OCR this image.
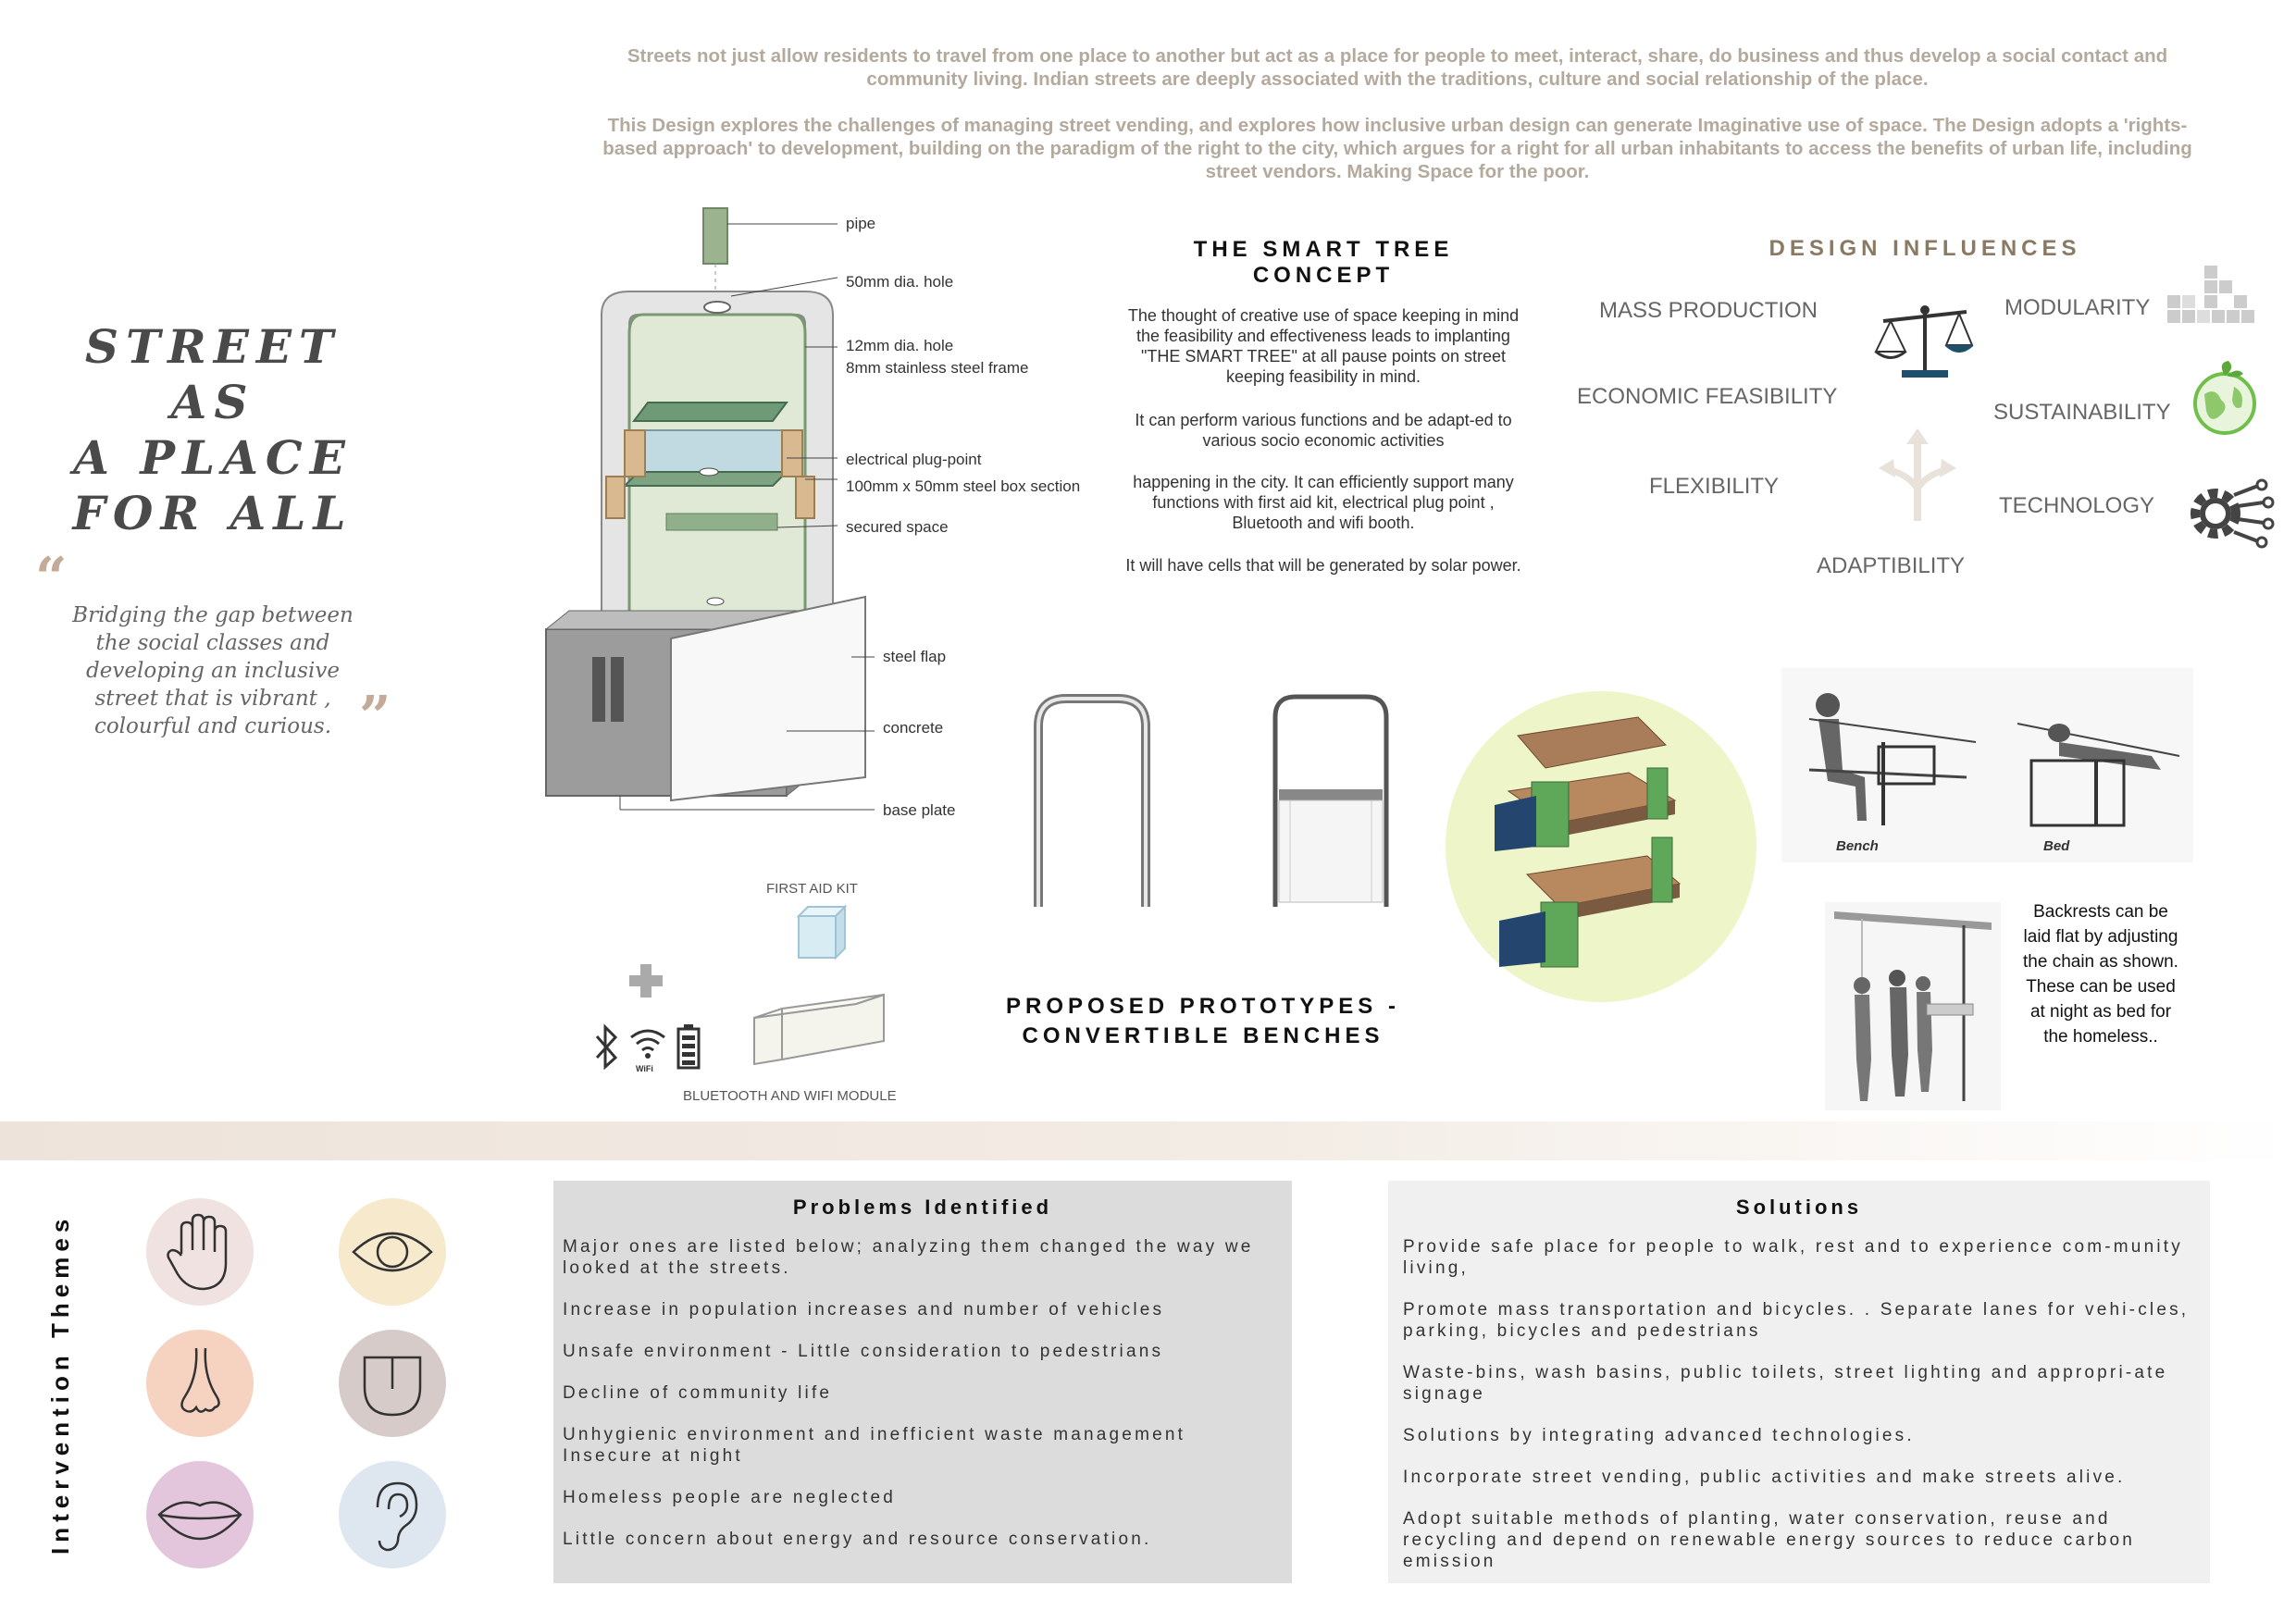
Streets not just allow residents to travel from one place to another but act as a place for people to meet, interact, share, do business and thus develop a social contact and community living. Indian streets are deeply associated with the traditions, culture and social relationship of the place.
This Design explores the challenges of managing street vending, and explores how inclusive urban design can generate Imaginative use of space. The Design adopts a 'rights-based approach' to development, building on the paradigm of the right to the city, which argues for a right for all urban inhabitants to access the benefits of urban life, including street vendors. Making Space for the poor.
STREET AS
A PLACE
FOR ALL
“
Bridging the gap between the social classes and developing an inclusive street that is vibrant , colourful and curious. ”
pipe
50mm dia. hole
12mm dia. hole
8mm stainless steel frame
electrical plug-point
100mm x 50mm steel box section
secured space
steel flap
concrete
base plate
FIRST AID KIT
WiFi
BLUETOOTH AND WIFI MODULE
THE SMART TREE CONCEPT
The thought of creative use of space keeping in mind the feasibility and effectiveness leads to implanting "THE SMART TREE" at all pause points on street keeping feasibility in mind.
It can perform various functions and be adapt-ed to various socio economic activities
happening in the city. It can efficiently support many functions with first aid kit, electrical plug point , Bluetooth and wifi booth.
It will have cells that will be generated by solar power.
DESIGN INFLUENCES
MASS PRODUCTION
ECONOMIC FEASIBILITY
FLEXIBILITY
ADAPTIBILITY
MODULARITY
SUSTAINABILITY
TECHNOLOGY
Bench	Bed
Backrests can be laid flat by adjusting the chain as shown. These can be used at night as bed for the homeless..
PROPOSED PROTOTYPES -
CONVERTIBLE BENCHES
Intervention Themes
Problems Identified
Major ones are listed below; analyzing them changed the way we looked at the streets.
Increase in population increases and number of vehicles
Unsafe environment - Little consideration to pedestrians
Decline of community life
Unhygienic environment and inefficient waste management Insecure at night
Homeless people are neglected
Little concern about energy and resource conservation.
Solutions
Provide safe place for people to walk, rest and to experience com-munity living,
Promote mass transportation and bicycles. . Separate lanes for vehi-cles, parking, bicycles and pedestrians
Waste-bins, wash basins, public toilets, street lighting and appropri-ate signage
Solutions by integrating advanced technologies.
Incorporate street vending, public activities and make streets alive.
Adopt suitable methods of planting, water conservation, reuse and recycling and depend on renewable energy sources to reduce carbon emission
